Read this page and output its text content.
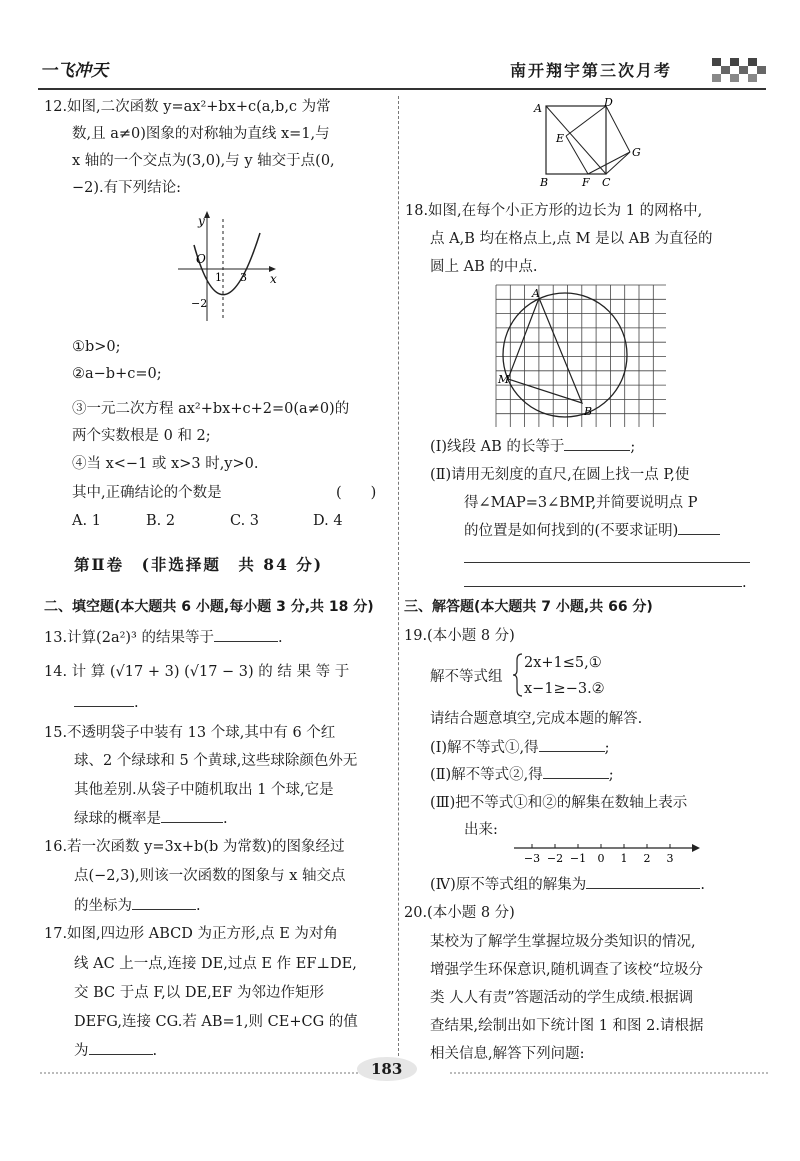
一飞冲天	南开翔宇第三次月考
12.如图,二次函数 y=ax²+bx+c(a,b,c 为常
数,且 a≠0)图象的对称轴为直线 x=1,与
x 轴的一个交点为(3,0),与 y 轴交于点(0,
−2).有下列结论:
y
x
O
1 3
−2
①b>0;
②a−b+c=0;
③一元二次方程 ax²+bx+c+2=0(a≠0)的
两个实数根是 0 和 2;
④当 x<−1 或 x>3 时,y>0.
其中,正确结论的个数是	(　　)
A. 1	B. 2	C. 3	D. 4
第Ⅱ卷　(非选择题　共 84 分)
二、填空题(本大题共 6 小题,每小题 3 分,共 18 分)
13.计算(2a²)³ 的结果等于	.
14. 计 算 (√17 + 3) (√17 − 3) 的 结 果 等 于
.
15.不透明袋子中装有 13 个球,其中有 6 个红
球、2 个绿球和 5 个黄球,这些球除颜色外无
其他差别.从袋子中随机取出 1 个球,它是
绿球的概率是	.
16.若一次函数 y=3x+b(b 为常数)的图象经过
点(−2,3),则该一次函数的图象与 x 轴交点
的坐标为	.
17.如图,四边形 ABCD 为正方形,点 E 为对角
线 AC 上一点,连接 DE,过点 E 作 EF⊥DE,
交 BC 于点 F,以 DE,EF 为邻边作矩形
DEFG,连接 CG.若 AB=1,则 CE+CG 的值
为	.
A	D
E
G
B	F C
18.如图,在每个小正方形的边长为 1 的网格中,
点 A,B 均在格点上,点 M 是以 AB 为直径的
圆上 AB 的中点.
A
B
M
(Ⅰ)线段 AB 的长等于	;
(Ⅱ)请用无刻度的直尺,在圆上找一点 P,使
得∠MAP=3∠BMP,并简要说明点 P
的位置是如何找到的(不要求证明)
.
三、解答题(本大题共 7 小题,共 66 分)
19.(本小题 8 分)
解不等式组
2x+1≤5,①
x−1≥−3.②
请结合题意填空,完成本题的解答.
(Ⅰ)解不等式①,得	;
(Ⅱ)解不等式②,得	;
(Ⅲ)把不等式①和②的解集在数轴上表示
出来:
−3 −2 −1 0 1 2 3
(Ⅳ)原不等式组的解集为	.
20.(本小题 8 分)
某校为了解学生掌握垃圾分类知识的情况,
增强学生环保意识,随机调查了该校“垃圾分
类 人人有责”答题活动的学生成绩.根据调
查结果,绘制出如下统计图 1 和图 2.请根据
相关信息,解答下列问题:
183
